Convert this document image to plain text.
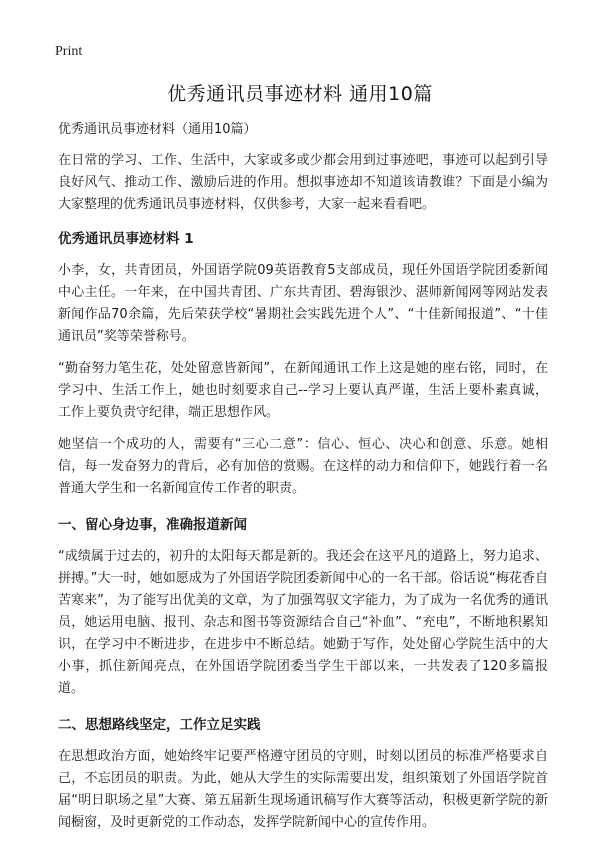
Print
优秀通讯员事迹材料 通用10篇
优秀通讯员事迹材料（通用10篇）

在日常的学习、工作、生活中，大家或多或少都会用到过事迹吧，事迹可以起到引导良好风气、推动工作、激励后进的作用。想拟事迹却不知道该请教谁？下面是小编为大家整理的优秀通讯员事迹材料，仅供参考，大家一起来看看吧。

优秀通讯员事迹材料 1

小李，女，共青团员，外国语学院09英语教育5支部成员，现任外国语学院团委新闻中心主任。一年来，在中国共青团、广东共青团、碧海银沙、湛师新闻网等网站发表新闻作品70余篇，先后荣获学校“暑期社会实践先进个人”、“十佳新闻报道”、“十佳通讯员”奖等荣誉称号。

“勤奋努力笔生花，处处留意皆新闻”，在新闻通讯工作上这是她的座右铭，同时，在学习中、生活工作上，她也时刻要求自己--学习上要认真严谨，生活上要朴素真诚，工作上要负责守纪律，端正思想作风。

她坚信一个成功的人，需要有“三心二意”：信心、恒心、决心和创意、乐意。她相信，每一发奋努力的背后，必有加倍的赏赐。在这样的动力和信仰下，她践行着一名普通大学生和一名新闻宣传工作者的职责。

一、留心身边事，准确报道新闻

“成绩属于过去的，初升的太阳每天都是新的。我还会在这平凡的道路上，努力追求、拼搏。”大一时，她如愿成为了外国语学院团委新闻中心的一名干部。俗话说“梅花香自苦寒来”，为了能写出优美的文章，为了加强驾驭文字能力，为了成为一名优秀的通讯员，她运用电脑、报刊、杂志和图书等资源结合自己“补血”、“充电”，不断地积累知识，在学习中不断进步，在进步中不断总结。她勤于写作，处处留心学院生活中的大小事，抓住新闻亮点，在外国语学院团委当学生干部以来，一共发表了120多篇报道。

二、思想路线坚定，工作立足实践

在思想政治方面，她始终牢记要严格遵守团员的守则，时刻以团员的标准严格要求自己，不忘团员的职责。为此，她从大学生的实际需要出发，组织策划了外国语学院首届“明日职场之星”大赛、第五届新生现场通讯稿写作大赛等活动，积极更新学院的新闻橱窗，及时更新党的工作动态，发挥学院新闻中心的宣传作用。
